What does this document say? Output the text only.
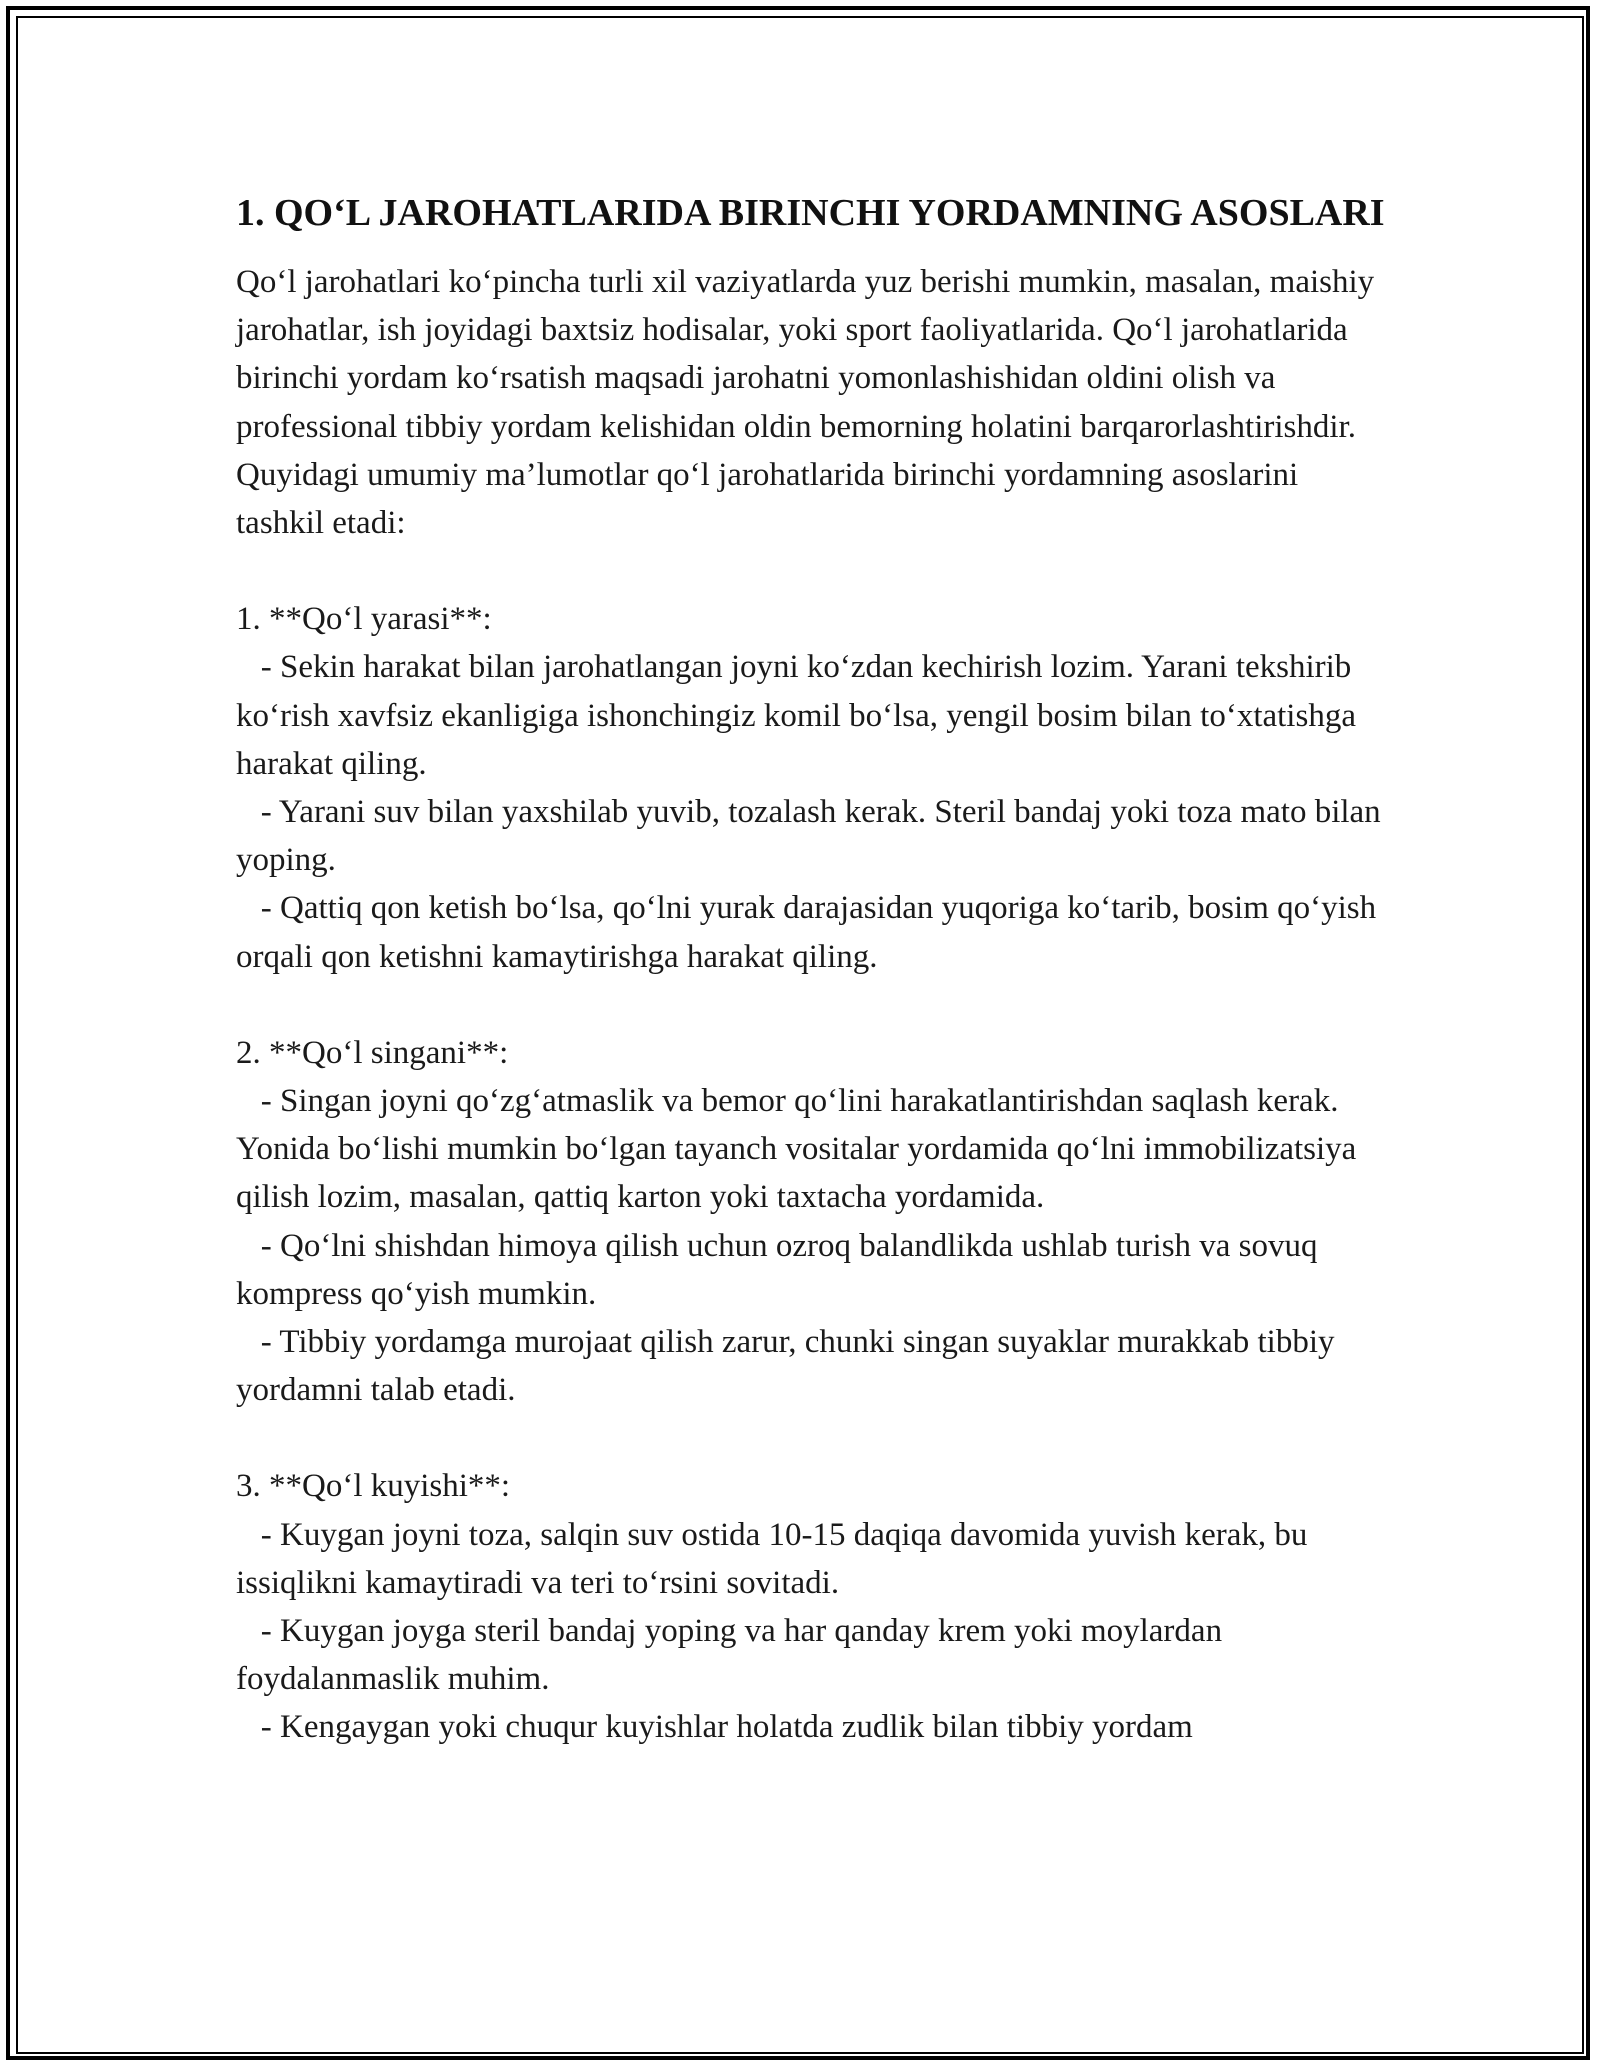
1. QO‘L JAROHATLARIDA BIRINCHI YORDAMNING ASOSLARI

Qo‘l jarohatlari ko‘pincha turli xil vaziyatlarda yuz berishi mumkin, masalan, maishiy jarohatlar, ish joyidagi baxtsiz hodisalar, yoki sport faoliyatlarida. Qo‘l jarohatlarida birinchi yordam ko‘rsatish maqsadi jarohatni yomonlashishidan oldini olish va professional tibbiy yordam kelishidan oldin bemorning holatini barqarorlashtirishdir. Quyidagi umumiy ma’lumotlar qo‘l jarohatlarida birinchi yordamning asoslarini tashkil etadi:

1. **Qo‘l yarasi**:

- Sekin harakat bilan jarohatlangan joyni ko‘zdan kechirish lozim. Yarani tekshirib ko‘rish xavfsiz ekanligiga ishonchingiz komil bo‘lsa, yengil bosim bilan to‘xtatishga harakat qiling.

- Yarani suv bilan yaxshilab yuvib, tozalash kerak. Steril bandaj yoki toza mato bilan yoping.

- Qattiq qon ketish bo‘lsa, qo‘lni yurak darajasidan yuqoriga ko‘tarib, bosim qo‘yish orqali qon ketishni kamaytirishga harakat qiling.

2. **Qo‘l singani**:

- Singan joyni qo‘zg‘atmaslik va bemor qo‘lini harakatlantirishdan saqlash kerak. Yonida bo‘lishi mumkin bo‘lgan tayanch vositalar yordamida qo‘lni immobilizatsiya qilish lozim, masalan, qattiq karton yoki taxtacha yordamida.

- Qo‘lni shishdan himoya qilish uchun ozroq balandlikda ushlab turish va sovuq kompress qo‘yish mumkin.

- Tibbiy yordamga murojaat qilish zarur, chunki singan suyaklar murakkab tibbiy yordamni talab etadi.

3. **Qo‘l kuyishi**:

- Kuygan joyni toza, salqin suv ostida 10-15 daqiqa davomida yuvish kerak, bu issiqlikni kamaytiradi va teri to‘rsini sovitadi.

- Kuygan joyga steril bandaj yoping va har qanday krem yoki moylardan foydalanmaslik muhim.

- Kengaygan yoki chuqur kuyishlar holatda zudlik bilan tibbiy yordam
